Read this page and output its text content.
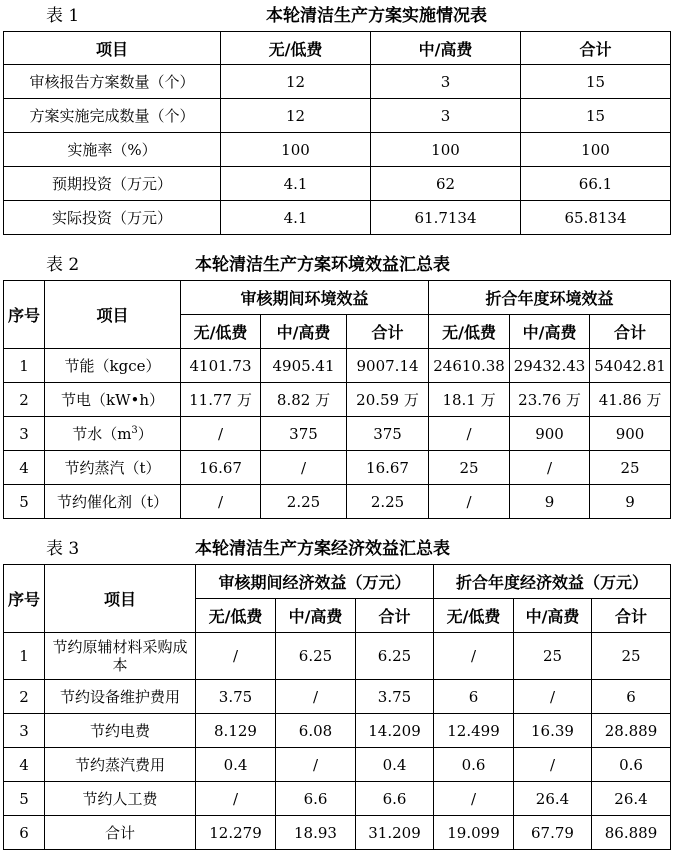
表 1	本轮清洁生产方案实施情况表
项目	无/低费	中/高费	合计
审核报告方案数量（个）	12	3	15
方案实施完成数量（个）	12	3	15
实施率（%）	100	100	100
预期投资（万元）	4.1	62	66.1
实际投资（万元）	4.1	61.7134	65.8134
表 2	本轮清洁生产方案环境效益汇总表
序号	项目	审核期间环境效益			折合年度环境效益		
		无/低费	中/高费	合计	无/低费	中/高费	合计
1	节能（kgce）	4101.73	4905.41	9007.14	24610.38	29432.43	54042.81
2	节电（kW•h）	11.77 万	8.82 万	20.59 万	18.1 万	23.76 万	41.86 万
3	节水$(m^3)$	/	375	375	/	900	900
4	节约蒸汽（t）	16.67	/	16.67	25	/	25
5	节约催化剂（t）	/	2.25	2.25	/	9	9
表 3	本轮清洁生产方案经济效益汇总表
序号	项目	审核期间经济效益（万元）			折合年度经济效益（万元）		
		无/低费	中/高费	合计	无/低费	中/高费	合计
1	节约原辅材料采购成本	/	6.25	6.25	/	25	25
2	节约设备维护费用	3.75	/	3.75	6	/	6
3	节约电费	8.129	6.08	14.209	12.499	16.39	28.889
4	节约蒸汽费用	0.4	/	0.4	0.6	/	0.6
5	节约人工费	/	6.6	6.6	/	26.4	26.4
6	合计	12.279	18.93	31.209	19.099	67.79	86.889
